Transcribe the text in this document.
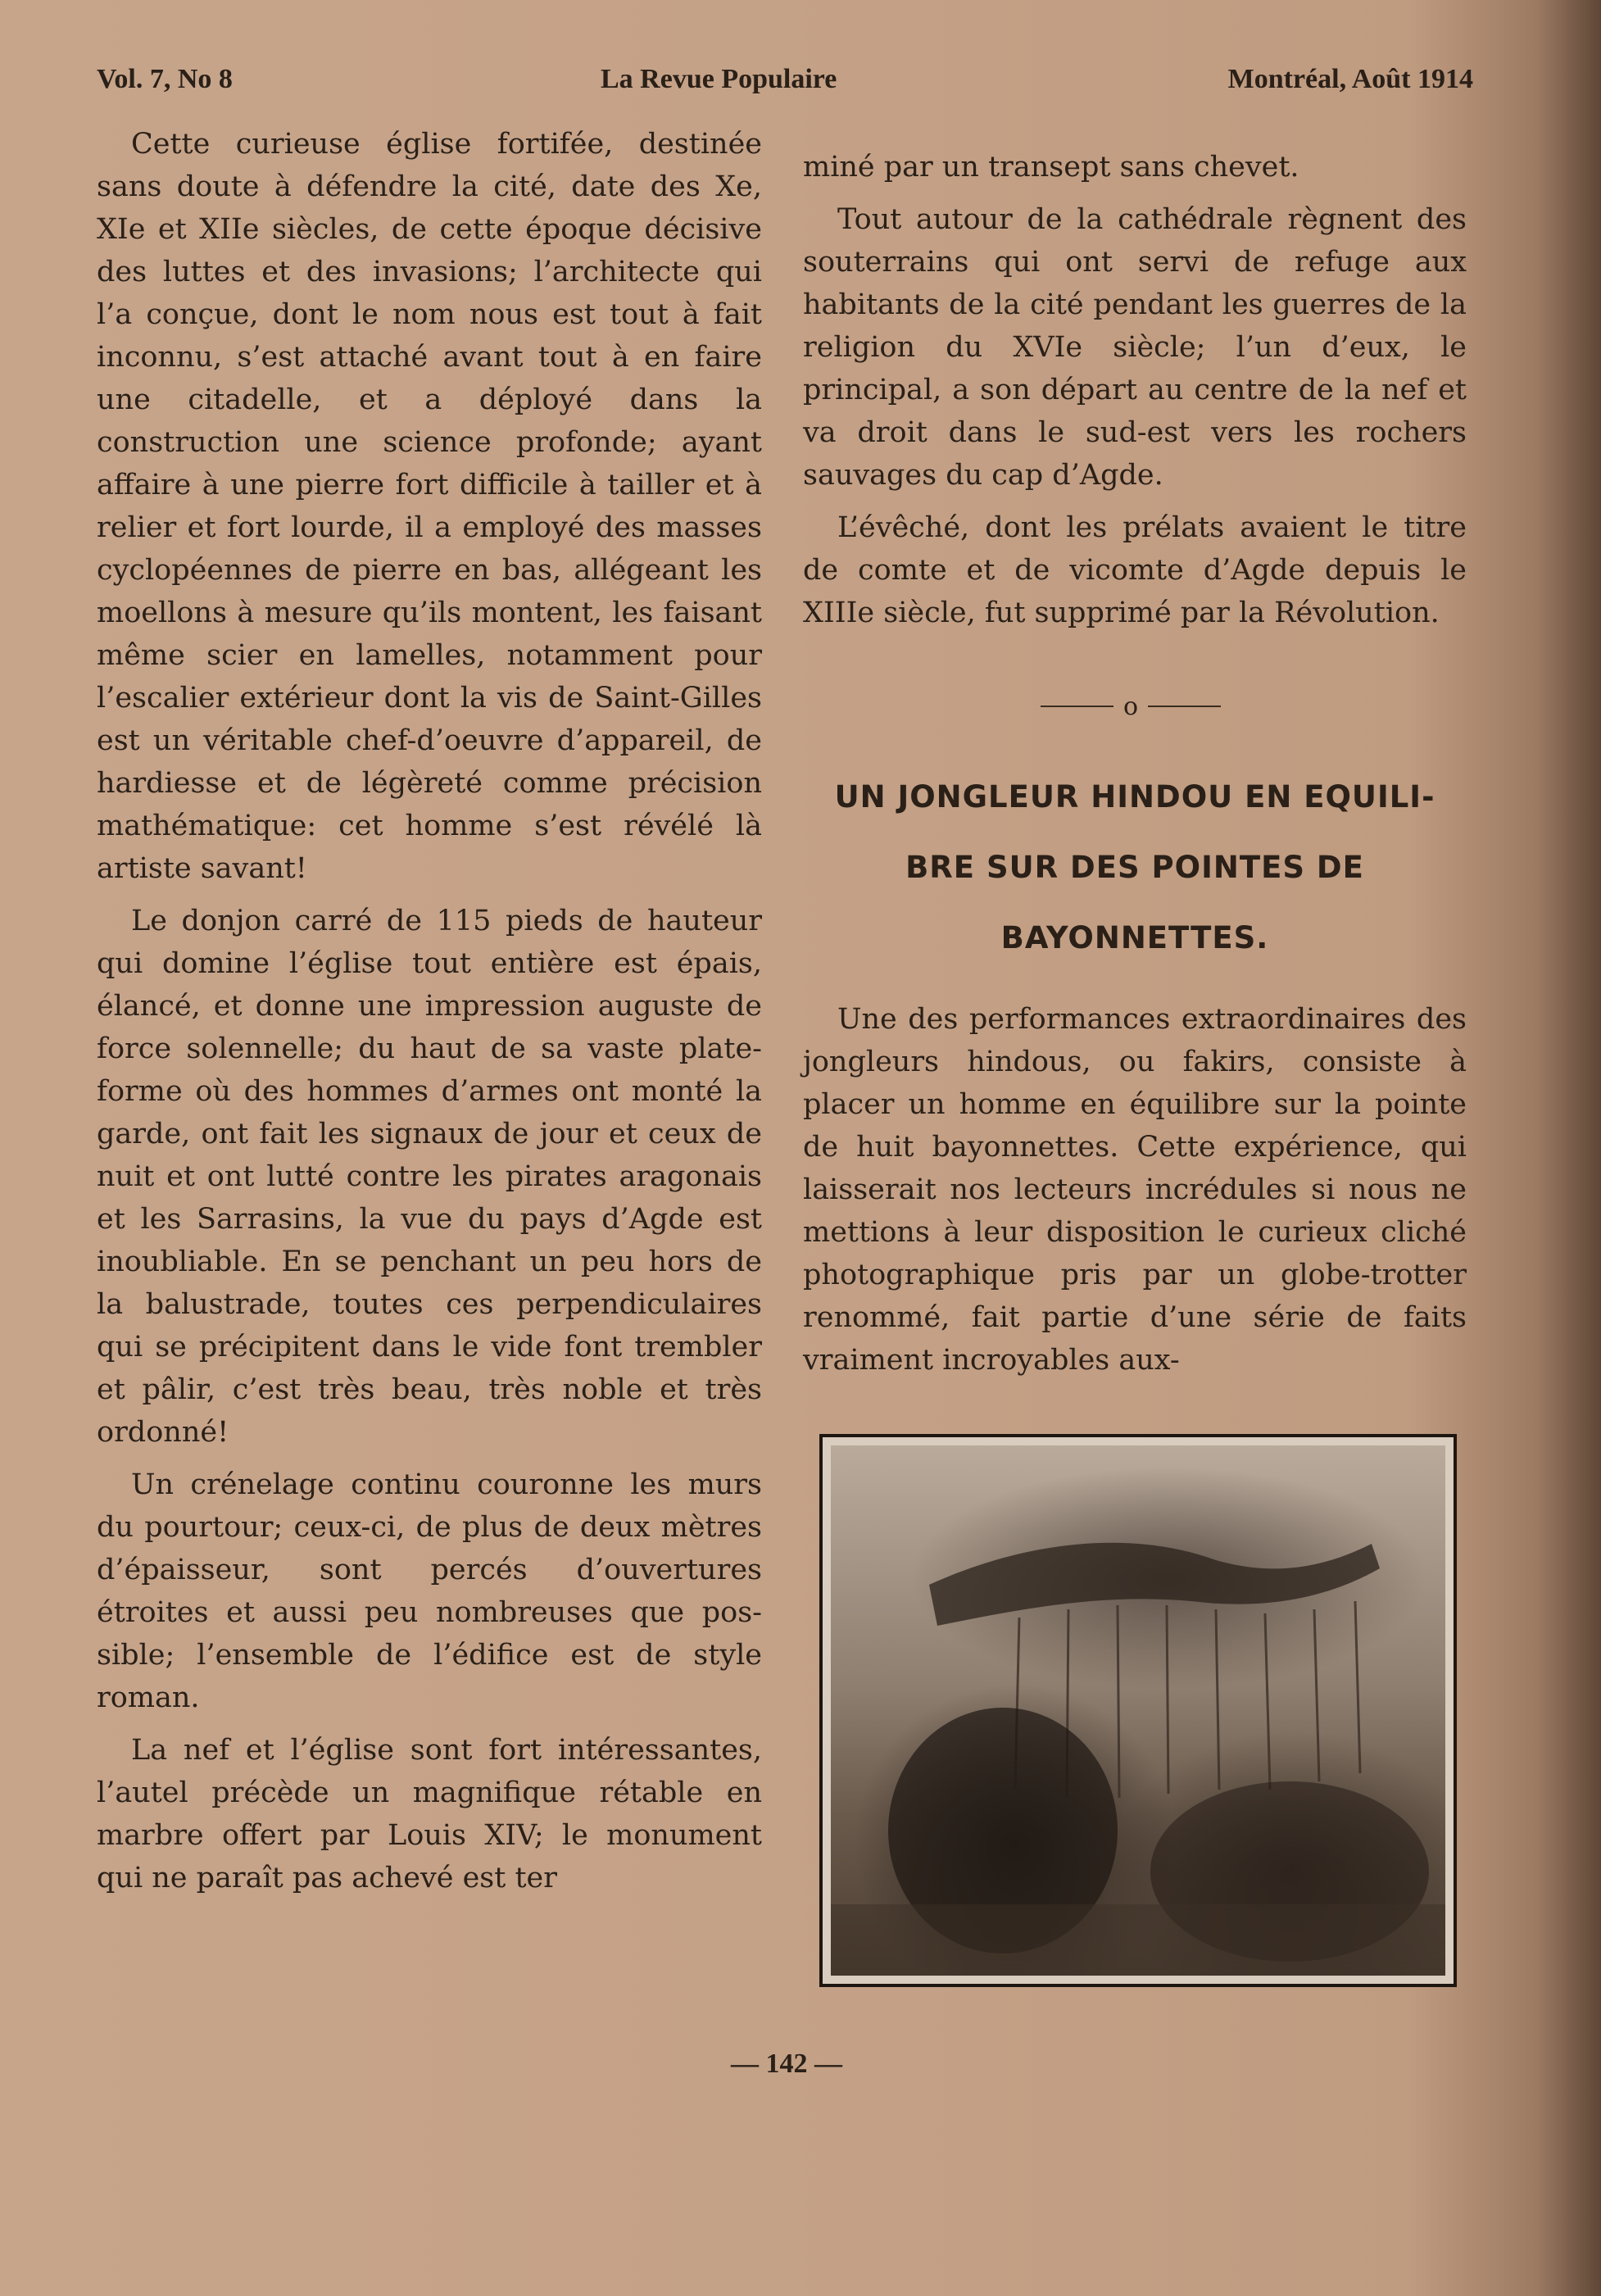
Vol. 7, No 8	La Revue Populaire	Montréal, Août 1914

Cette curieuse église fortifée, destinée sans doute à défendre la cité, date des Xe, XIe et XIIe siècles, de cette époque décisive des luttes et des invasions; l’architecte qui l’a conçue, dont le nom nous est tout à fait inconnu, s’est attaché avant tout à en faire une citadelle, et a déployé dans la construction une science profonde; ayant affaire à une pierre fort difficile à tailler et à relier et fort lourde, il a employé des masses cyclopéennes de pierre en bas, allégeant les moellons à mesure qu’ils montent, les faisant même scier en lamelles, notamment pour l’escalier extérieur dont la vis de Saint-Gilles est un véritable chef-d’oeuvre d’appareil, de hardiesse et de légèreté comme précision mathématique: cet homme s’est révélé là artiste savant!

Le donjon carré de 115 pieds de hauteur qui domine l’église tout entière est épais, élancé, et donne une impression auguste de force solennelle; du haut de sa vaste plate-forme où des hommes d’armes ont monté la garde, ont fait les signaux de jour et ceux de nuit et ont lutté contre les pirates aragonais et les Sarrasins, la vue du pays d’Agde est inoubliable. En se penchant un peu hors de la balustrade, toutes ces perpendiculaires qui se précipitent dans le vide font trembler et pâlir, c’est très beau, très noble et très ordonné!

Un crénelage continu couronne les murs du pourtour; ceux-ci, de plus de deux mètres d’épaisseur, sont percés d’ouvertures étroites et aussi peu nombreuses que possible; l’ensemble de l’édifice est de style roman.

La nef et l’église sont fort intéressantes, l’autel précède un magnifique rétable en marbre offert par Louis XIV; le monument qui ne paraît pas achevé est ter

miné par un transept sans chevet.

Tout autour de la cathédrale règnent des souterrains qui ont servi de refuge aux habitants de la cité pendant les guerres de la religion du XVIe siècle; l’un d’eux, le principal, a son départ au centre de la nef et va droit dans le sud-est vers les rochers sauvages du cap d’Agde.

L’évêché, dont les prélats avaient le titre de comte et de vicomte d’Agde depuis le XIIIe siècle, fut supprimé par la Révolution.

o
UN JONGLEUR HINDOU EN EQUILI-
BRE SUR DES POINTES DE
BAYONNETTES.

Une des performances extraordinaires des jongleurs hindous, ou fakirs, consiste à placer un homme en équilibre sur la pointe de huit bayonnettes. Cette expérience, qui laisserait nos lecteurs incrédules si nous ne mettions à leur disposition le curieux cliché photographique pris par un globe-trotter renommé, fait partie d’une série de faits vraiment incroyables aux-

— 142 —
